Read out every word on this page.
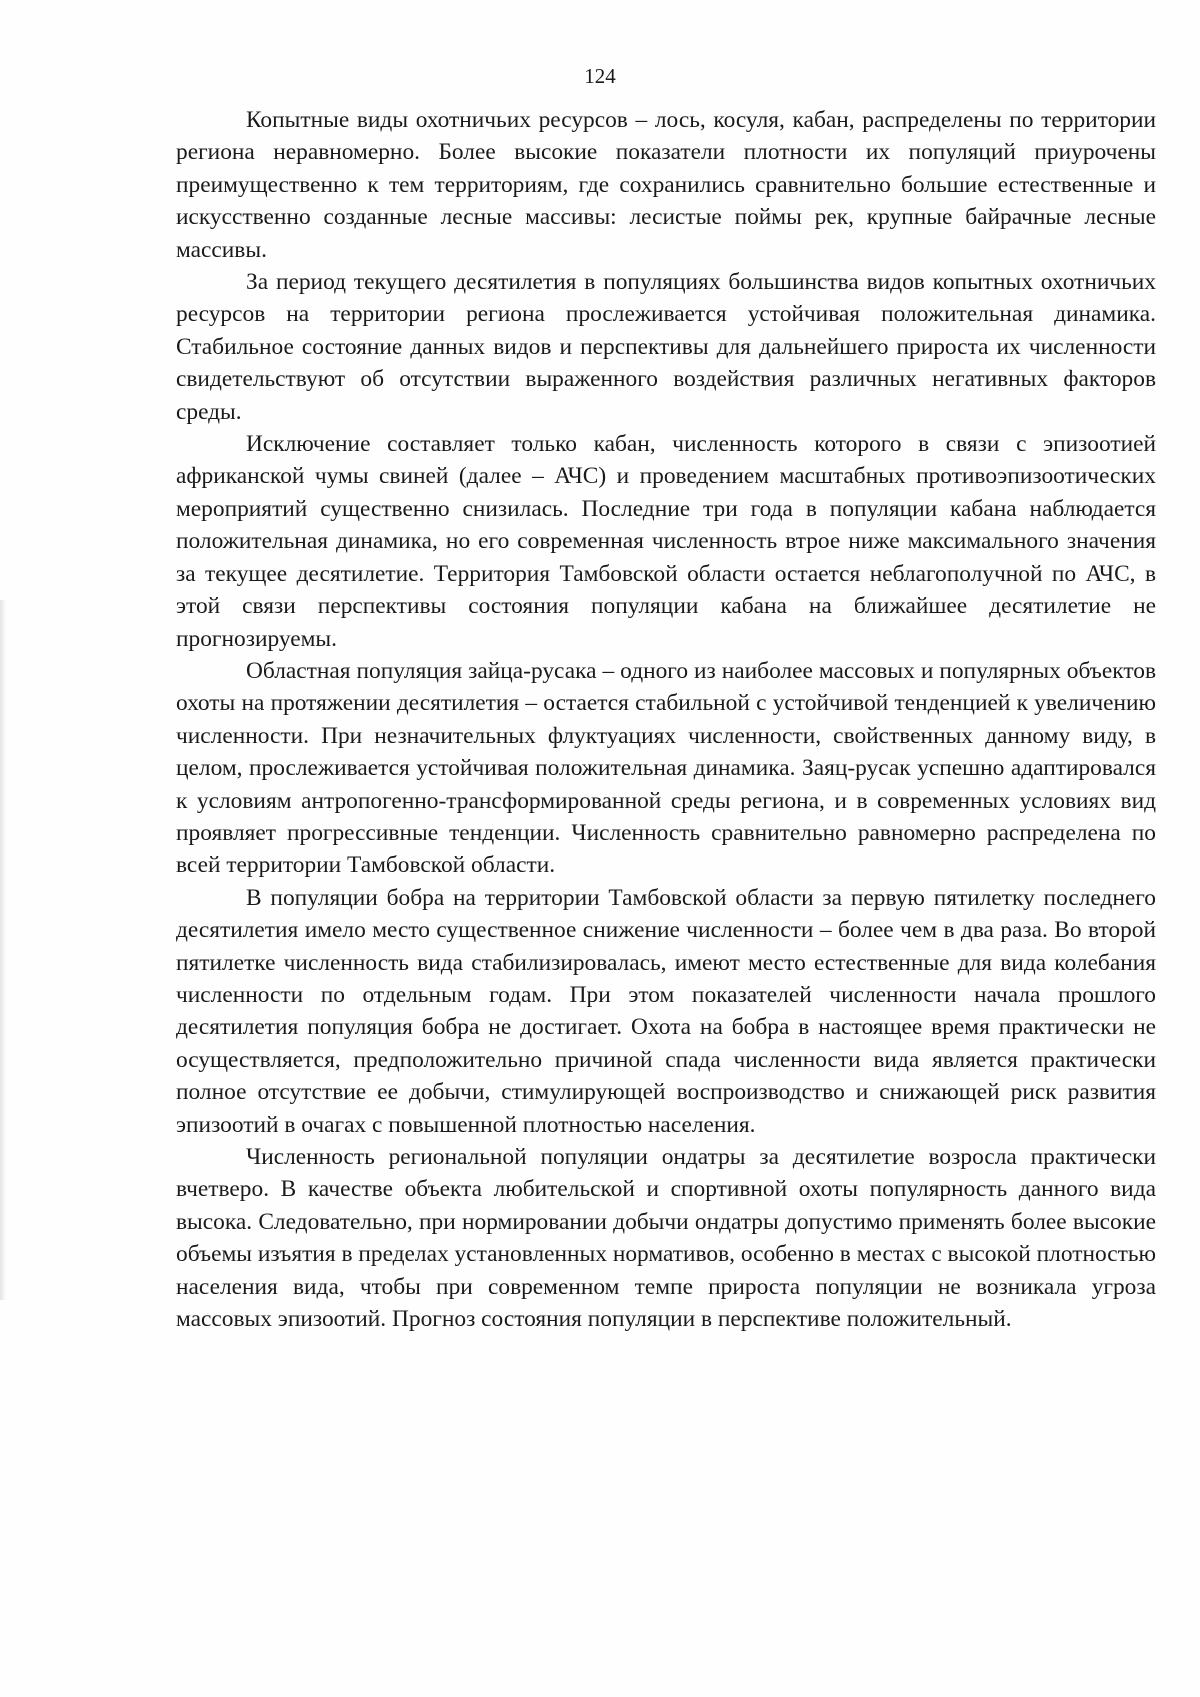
124

Копытные виды охотничьих ресурсов – лось, косуля, кабан, распределены по территории региона неравномерно. Более высокие показатели плотности их популяций приурочены преимущественно к тем территориям, где сохранились сравнительно большие естественные и искусственно созданные лесные массивы: лесистые поймы рек, крупные байрачные лесные массивы.

За период текущего десятилетия в популяциях большинства видов копытных охотничьих ресурсов на территории региона прослеживается устойчивая положительная динамика. Стабильное состояние данных видов и перспективы для дальнейшего прироста их численности свидетельствуют об отсутствии выраженного воздействия различных негативных факторов среды.

Исключение составляет только кабан, численность которого в связи с эпизоотией африканской чумы свиней (далее – АЧС) и проведением масштабных противоэпизоотических мероприятий существенно снизилась. Последние три года в популяции кабана наблюдается положительная динамика, но его современная численность втрое ниже максимального значения за текущее десятилетие. Территория Тамбовской области остается неблагополучной по АЧС, в этой связи перспективы состояния популяции кабана на ближайшее десятилетие не прогнозируемы.

Областная популяция зайца-русака – одного из наиболее массовых и популярных объектов охоты на протяжении десятилетия – остается стабильной с устойчивой тенденцией к увеличению численности. При незначительных флуктуациях численности, свойственных данному виду, в целом, прослеживается устойчивая положительная динамика. Заяц-русак успешно адаптировался к условиям антропогенно-трансформированной среды региона, и в современных условиях вид проявляет прогрессивные тенденции. Численность сравнительно равномерно распределена по всей территории Тамбовской области.

В популяции бобра на территории Тамбовской области за первую пятилетку последнего десятилетия имело место существенное снижение численности – более чем в два раза. Во второй пятилетке численность вида стабилизировалась, имеют место естественные для вида колебания численности по отдельным годам. При этом показателей численности начала прошлого десятилетия популяция бобра не достигает. Охота на бобра в настоящее время практически не осуществляется, предположительно причиной спада численности вида является практически полное отсутствие ее добычи, стимулирующей воспроизводство и снижающей риск развития эпизоотий в очагах с повышенной плотностью населения.

Численность региональной популяции ондатры за десятилетие возросла практически вчетверо. В качестве объекта любительской и спортивной охоты популярность данного вида высока. Следовательно, при нормировании добычи ондатры допустимо применять более высокие объемы изъятия в пределах установленных нормативов, особенно в местах с высокой плотностью населения вида, чтобы при современном темпе прироста популяции не возникала угроза массовых эпизоотий. Прогноз состояния популяции в перспективе положительный.
